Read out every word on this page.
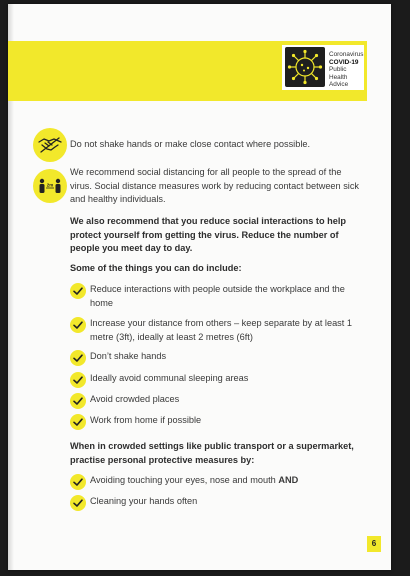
Coronavirus
COVID-19
Public Health
Advice
Do not shake hands or make close contact where possible.
2m
We recommend social distancing for all people to the spread of the virus. Social distance measures work by reducing contact between sick and healthy individuals.
We also recommend that you reduce social interactions to help protect yourself from getting the virus. Reduce the number of people you meet day to day.
Some of the things you can do include:
Reduce interactions with people outside the workplace and the home
Increase your distance from others – keep separate by at least 1 metre (3ft), ideally at least 2 metres (6ft)
Don’t shake hands
Ideally avoid communal sleeping areas
Avoid crowded places
Work from home if possible
When in crowded settings like public transport or a supermarket, practise personal protective measures by:
Avoiding touching your eyes, nose and mouth AND
Cleaning your hands often
6
